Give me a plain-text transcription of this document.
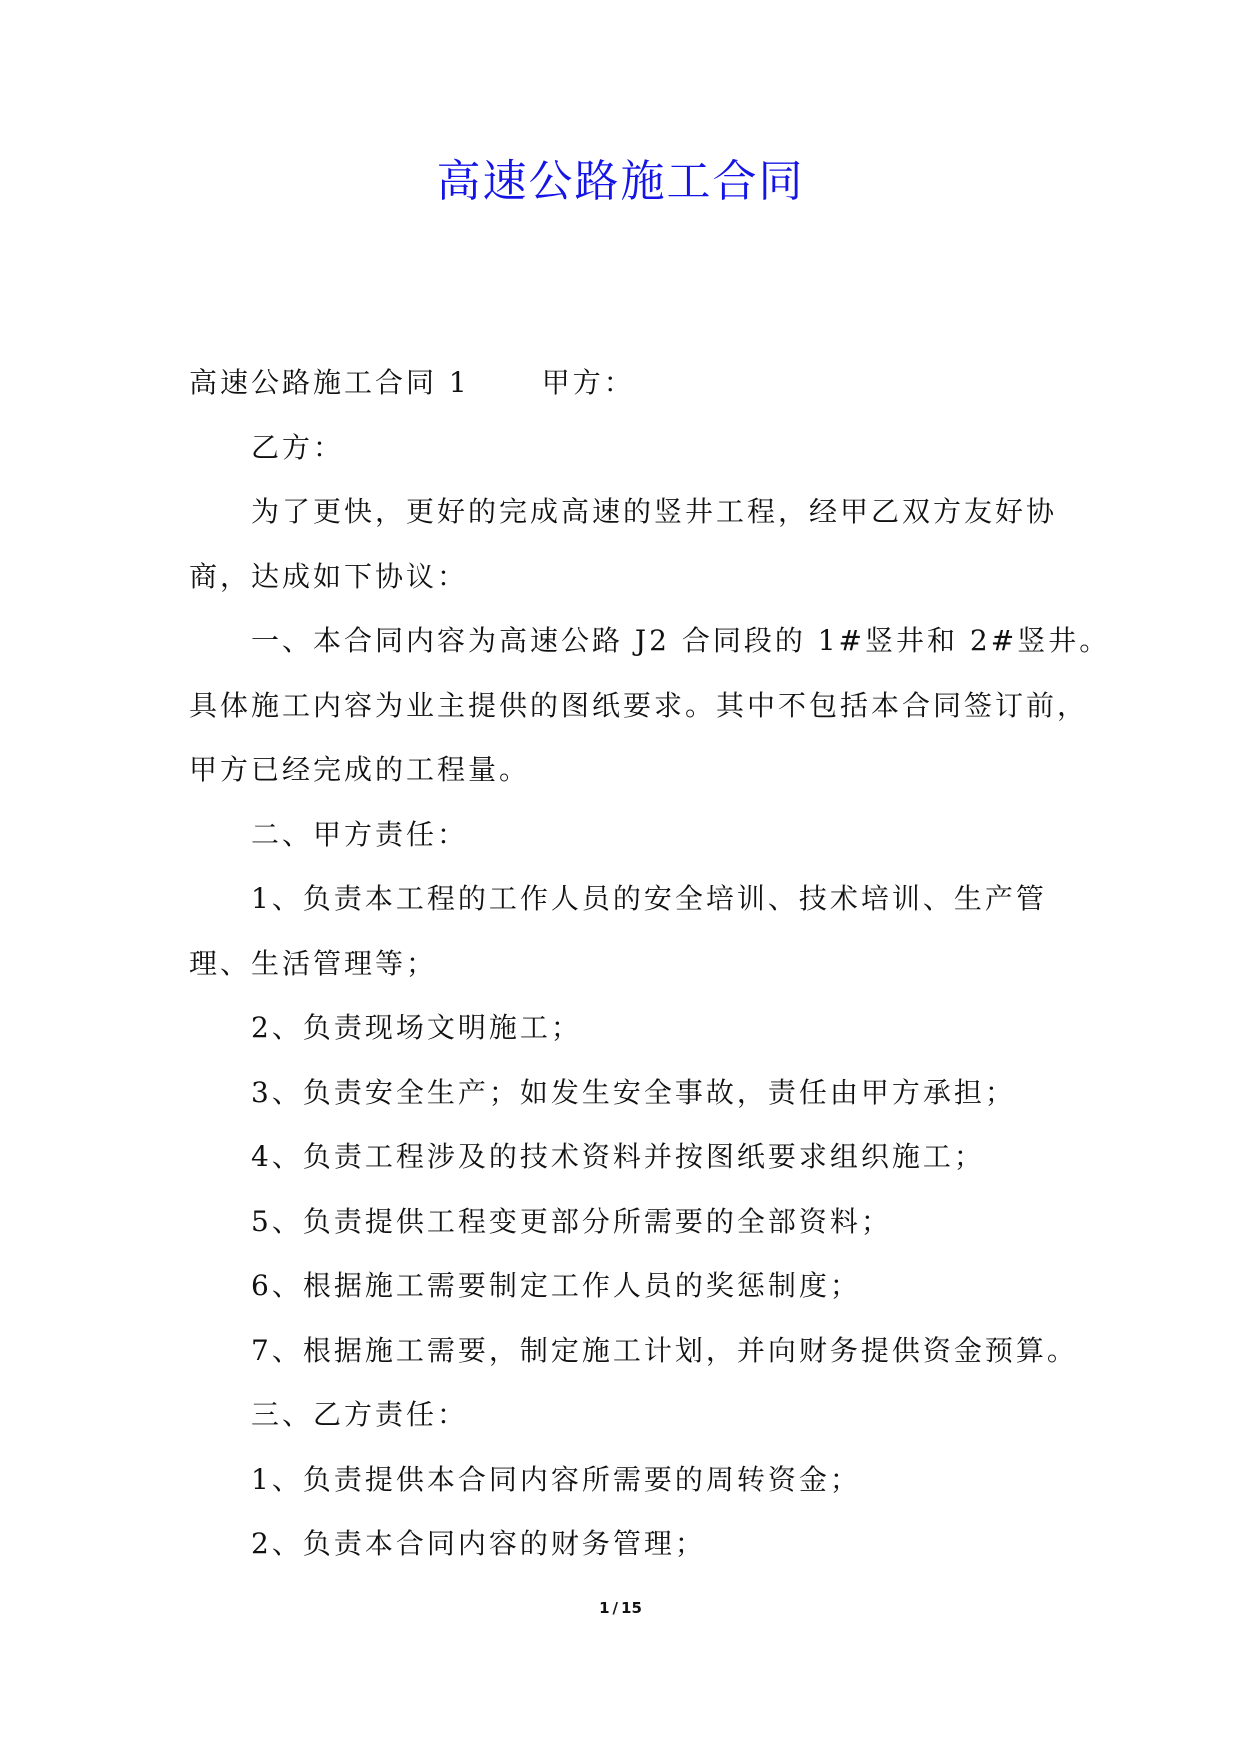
高速公路施工合同

高速公路施工合同 1	甲方：

乙方：

为了更快，更好的完成高速的竖井工程，经甲乙双方友好协

商，达成如下协议：

一、本合同内容为高速公路 J2 合同段的 1#竖井和 2#竖井。

具体施工内容为业主提供的图纸要求。其中不包括本合同签订前，

甲方已经完成的工程量。

二、甲方责任：

1、负责本工程的工作人员的安全培训、技术培训、生产管

理、生活管理等；

2、负责现场文明施工；

3、负责安全生产；如发生安全事故，责任由甲方承担；

4、负责工程涉及的技术资料并按图纸要求组织施工；

5、负责提供工程变更部分所需要的全部资料；

6、根据施工需要制定工作人员的奖惩制度；

7、根据施工需要，制定施工计划，并向财务提供资金预算。

三、乙方责任：

1、负责提供本合同内容所需要的周转资金；

2、负责本合同内容的财务管理；

1 / 15
